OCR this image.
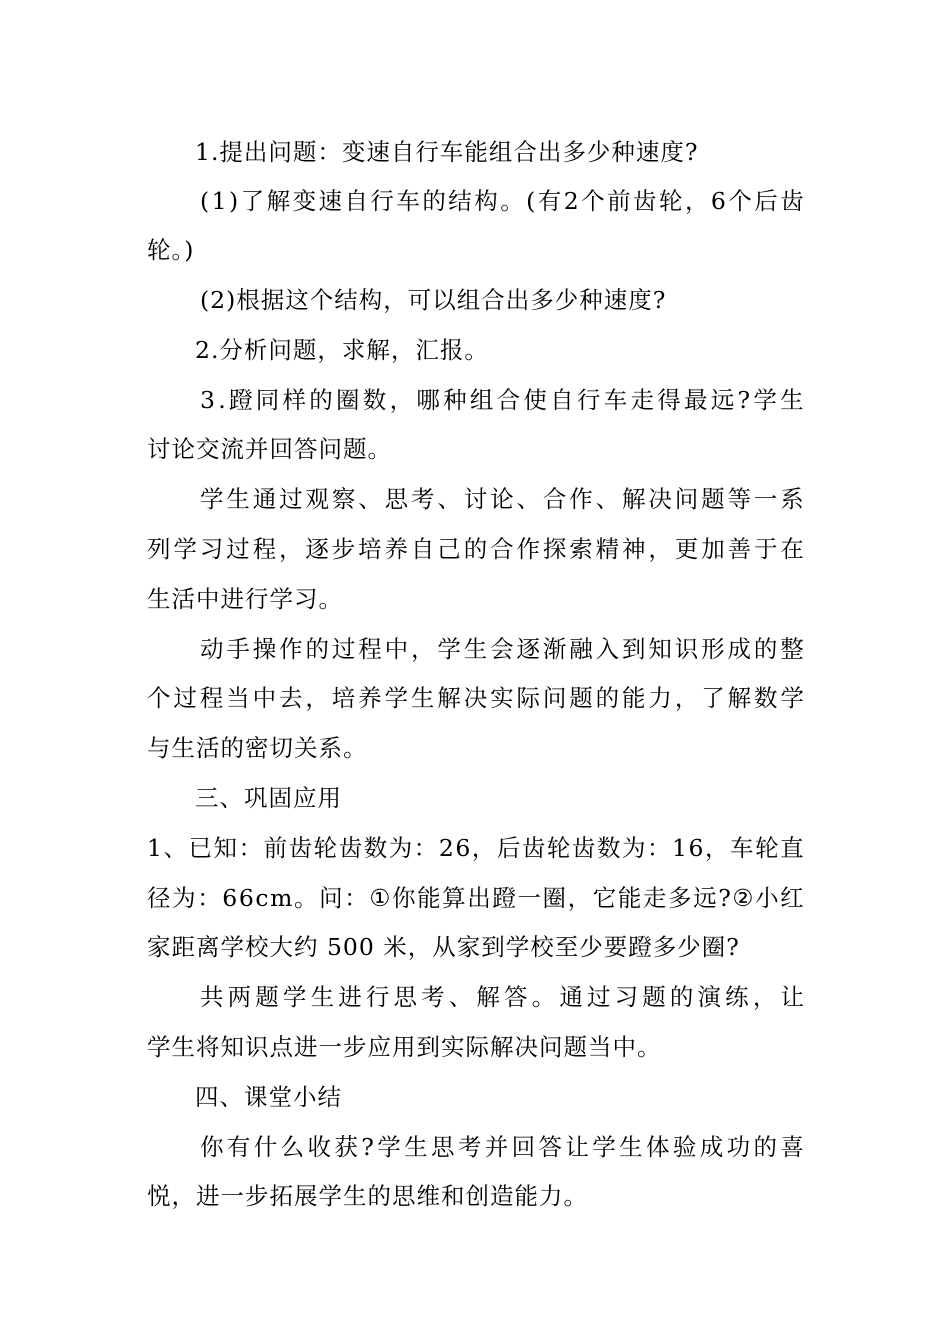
1.提出问题：变速自行车能组合出多少种速度?
( 1 ) 了 解 变 速 自 行 车 的 结 构 。 ( 有 2 个 前 齿 轮 ， 6 个 后 齿
轮。)
(2)根据这个结构，可以组合出多少种速度?
2.分析问题，求解，汇报。
3 . 蹬 同 样 的 圈 数 ， 哪 种 组 合 使 自 行 车 走 得 最 远 ? 学 生
讨论交流并回答问题。
学 生 通 过 观 察 、 思 考 、 讨 论 、 合 作 、 解 决 问 题 等 一 系
列 学 习 过 程 ， 逐 步 培 养 自 己 的 合 作 探 索 精 神 ， 更 加 善 于 在
生活中进行学习。
动 手 操 作 的 过 程 中 ， 学 生 会 逐 渐 融 入 到 知 识 形 成 的 整
个 过 程 当 中 去 ， 培 养 学 生 解 决 实 际 问 题 的 能 力 ， 了 解 数 学
与生活的密切关系。
三、巩固应用
1 、 已 知 ： 前 齿 轮 齿 数 为 ： 2 6 ， 后 齿 轮 齿 数 为 ： 1 6 ， 车 轮 直
径 为 ： 6 6 c m 。 问 ： ① 你 能 算 出 蹬 一 圈 ， 它 能 走 多 远 ? ② 小 红
家距离学校大约 500 米，从家到学校至少要蹬多少圈?
共 两 题 学 生 进 行 思 考 、 解 答 。 通 过 习 题 的 演 练 ， 让
学生将知识点进一步应用到实际解决问题当中。
四、课堂小结
你 有 什 么 收 获 ? 学 生 思 考 并 回 答 让 学 生 体 验 成 功 的 喜
悦，进一步拓展学生的思维和创造能力。
